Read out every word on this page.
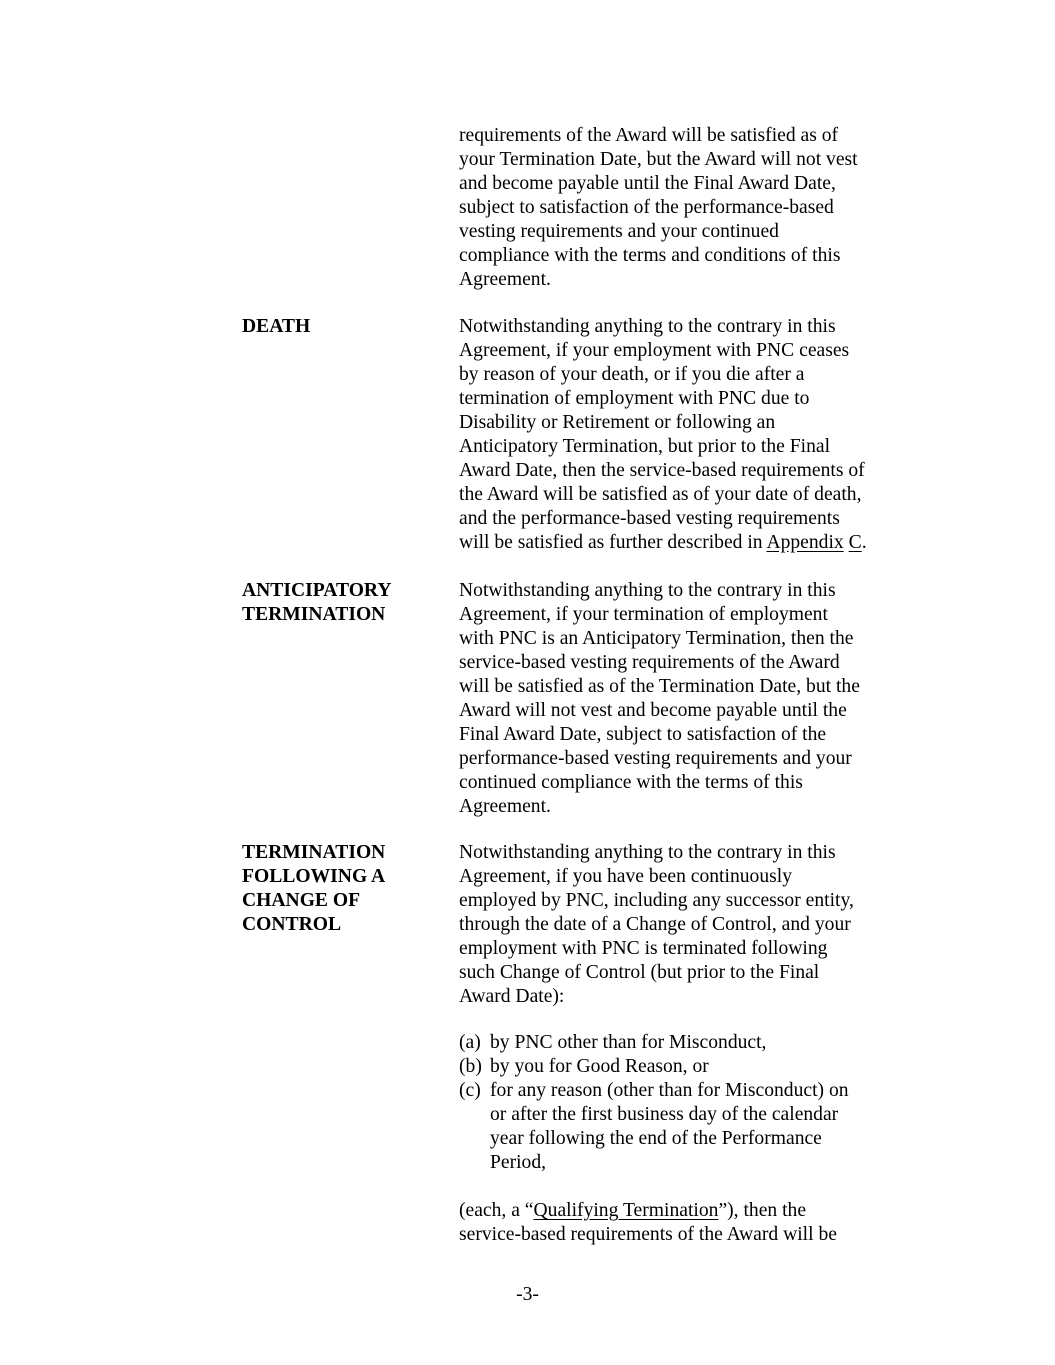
requirements of the Award will be satisfied as of
your Termination Date, but the Award will not vest
and become payable until the Final Award Date,
subject to satisfaction of the performance-based
vesting requirements and your continued
compliance with the terms and conditions of this
Agreement.
DEATH	Notwithstanding anything to the contrary in this
Agreement, if your employment with PNC ceases
by reason of your death, or if you die after a
termination of employment with PNC due to
Disability or Retirement or following an
Anticipatory Termination, but prior to the Final
Award Date, then the service-based requirements of
the Award will be satisfied as of your date of death,
and the performance-based vesting requirements
will be satisfied as further described in Appendix C.
ANTICIPATORY
TERMINATION
Notwithstanding anything to the contrary in this
Agreement, if your termination of employment
with PNC is an Anticipatory Termination, then the
service-based vesting requirements of the Award
will be satisfied as of the Termination Date, but the
Award will not vest and become payable until the
Final Award Date, subject to satisfaction of the
performance-based vesting requirements and your
continued compliance with the terms of this
Agreement.
TERMINATION
FOLLOWING A
CHANGE OF
CONTROL
Notwithstanding anything to the contrary in this
Agreement, if you have been continuously
employed by PNC, including any successor entity,
through the date of a Change of Control, and your
employment with PNC is terminated following
such Change of Control (but prior to the Final
Award Date):
(a) by PNC other than for Misconduct,
(b) by you for Good Reason, or
(c) for any reason (other than for Misconduct) on
or after the first business day of the calendar
year following the end of the Performance
Period,
(each, a “Qualifying Termination”), then the
service-based requirements of the Award will be
-3-
